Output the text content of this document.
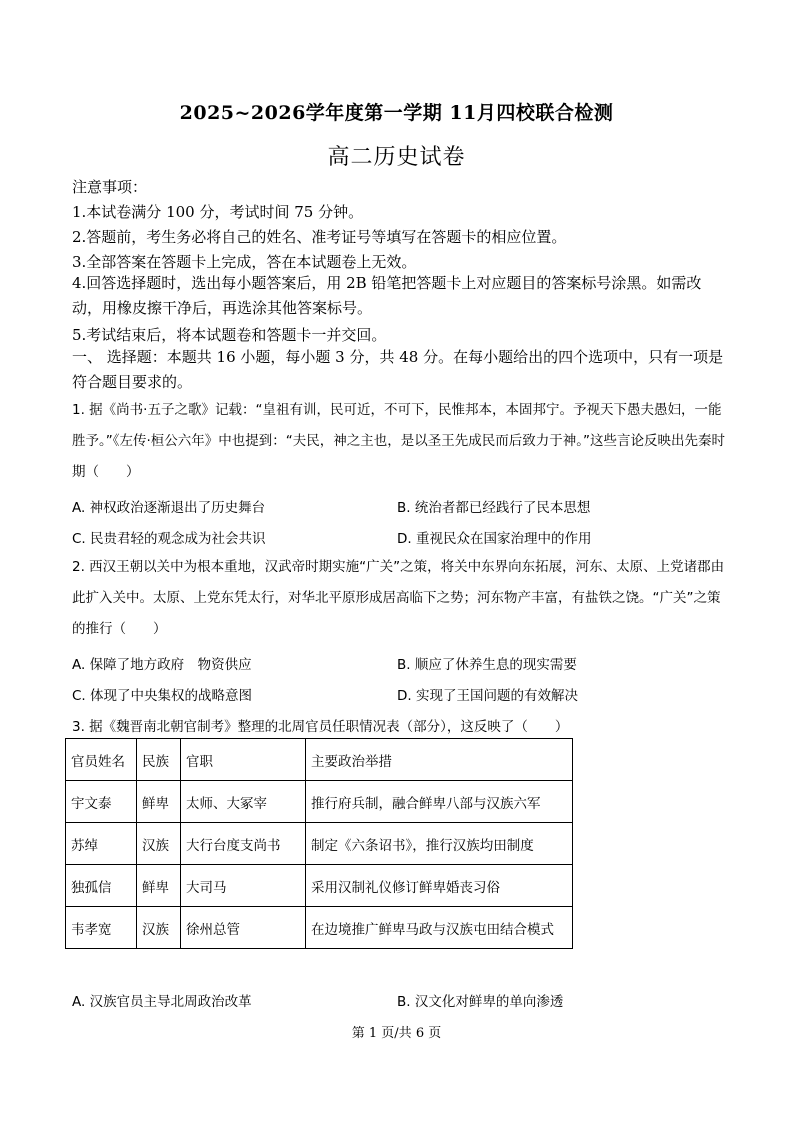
2025~2026学年度第一学期 11月四校联合检测
高二历史试卷
注意事项：
1.本试卷满分 100 分，考试时间 75 分钟。
2.答题前，考生务必将自己的姓名、准考证号等填写在答题卡的相应位置。
3.全部答案在答题卡上完成，答在本试题卷上无效。
4.回答选择题时，选出每小题答案后，用 2B 铅笔把答题卡上对应题目的答案标号涂黑。如需改动，用橡皮擦干净后，再选涂其他答案标号。
5.考试结束后，将本试题卷和答题卡一并交回。
一、 选择题：本题共 16 小题，每小题 3 分，共 48 分。在每小题给出的四个选项中，只有一项是符合题目要求的。
1. 据《尚书·五子之歌》记载：“皇祖有训，民可近，不可下，民惟邦本，本固邦宁。予视天下愚夫愚妇，一能胜予。”《左传·桓公六年》中也提到：“夫民，神之主也，是以圣王先成民而后致力于神。”这些言论反映出先秦时期（　　）
A. 神权政治逐渐退出了历史舞台	B. 统治者都已经践行了民本思想
C. 民贵君轻的观念成为社会共识	D. 重视民众在国家治理中的作用
2. 西汉王朝以关中为根本重地，汉武帝时期实施“广关”之策，将关中东界向东拓展，河东、太原、上党诸郡由此扩入关中。太原、上党东凭太行，对华北平原形成居高临下之势；河东物产丰富，有盐铁之饶。“广关”之策的推行（　　）
A. 保障了地方政府　物资供应	B. 顺应了休养生息的现实需要
C. 体现了中央集权的战略意图	D. 实现了王国问题的有效解决
3. 据《魏晋南北朝官制考》整理的北周官员任职情况表（部分），这反映了（　　）
官员姓名	民族	官职	主要政治举措
宇文泰	鲜卑	太师、大冢宰	推行府兵制，融合鲜卑八部与汉族六军
苏绰	汉族	大行台度支尚书	制定《六条诏书》，推行汉族均田制度
独孤信	鲜卑	大司马	采用汉制礼仪修订鲜卑婚丧习俗
韦孝宽	汉族	徐州总管	在边境推广鲜卑马政与汉族屯田结合模式
A. 汉族官员主导北周政治改革	B. 汉文化对鲜卑的单向渗透
第 1 页/共 6 页
